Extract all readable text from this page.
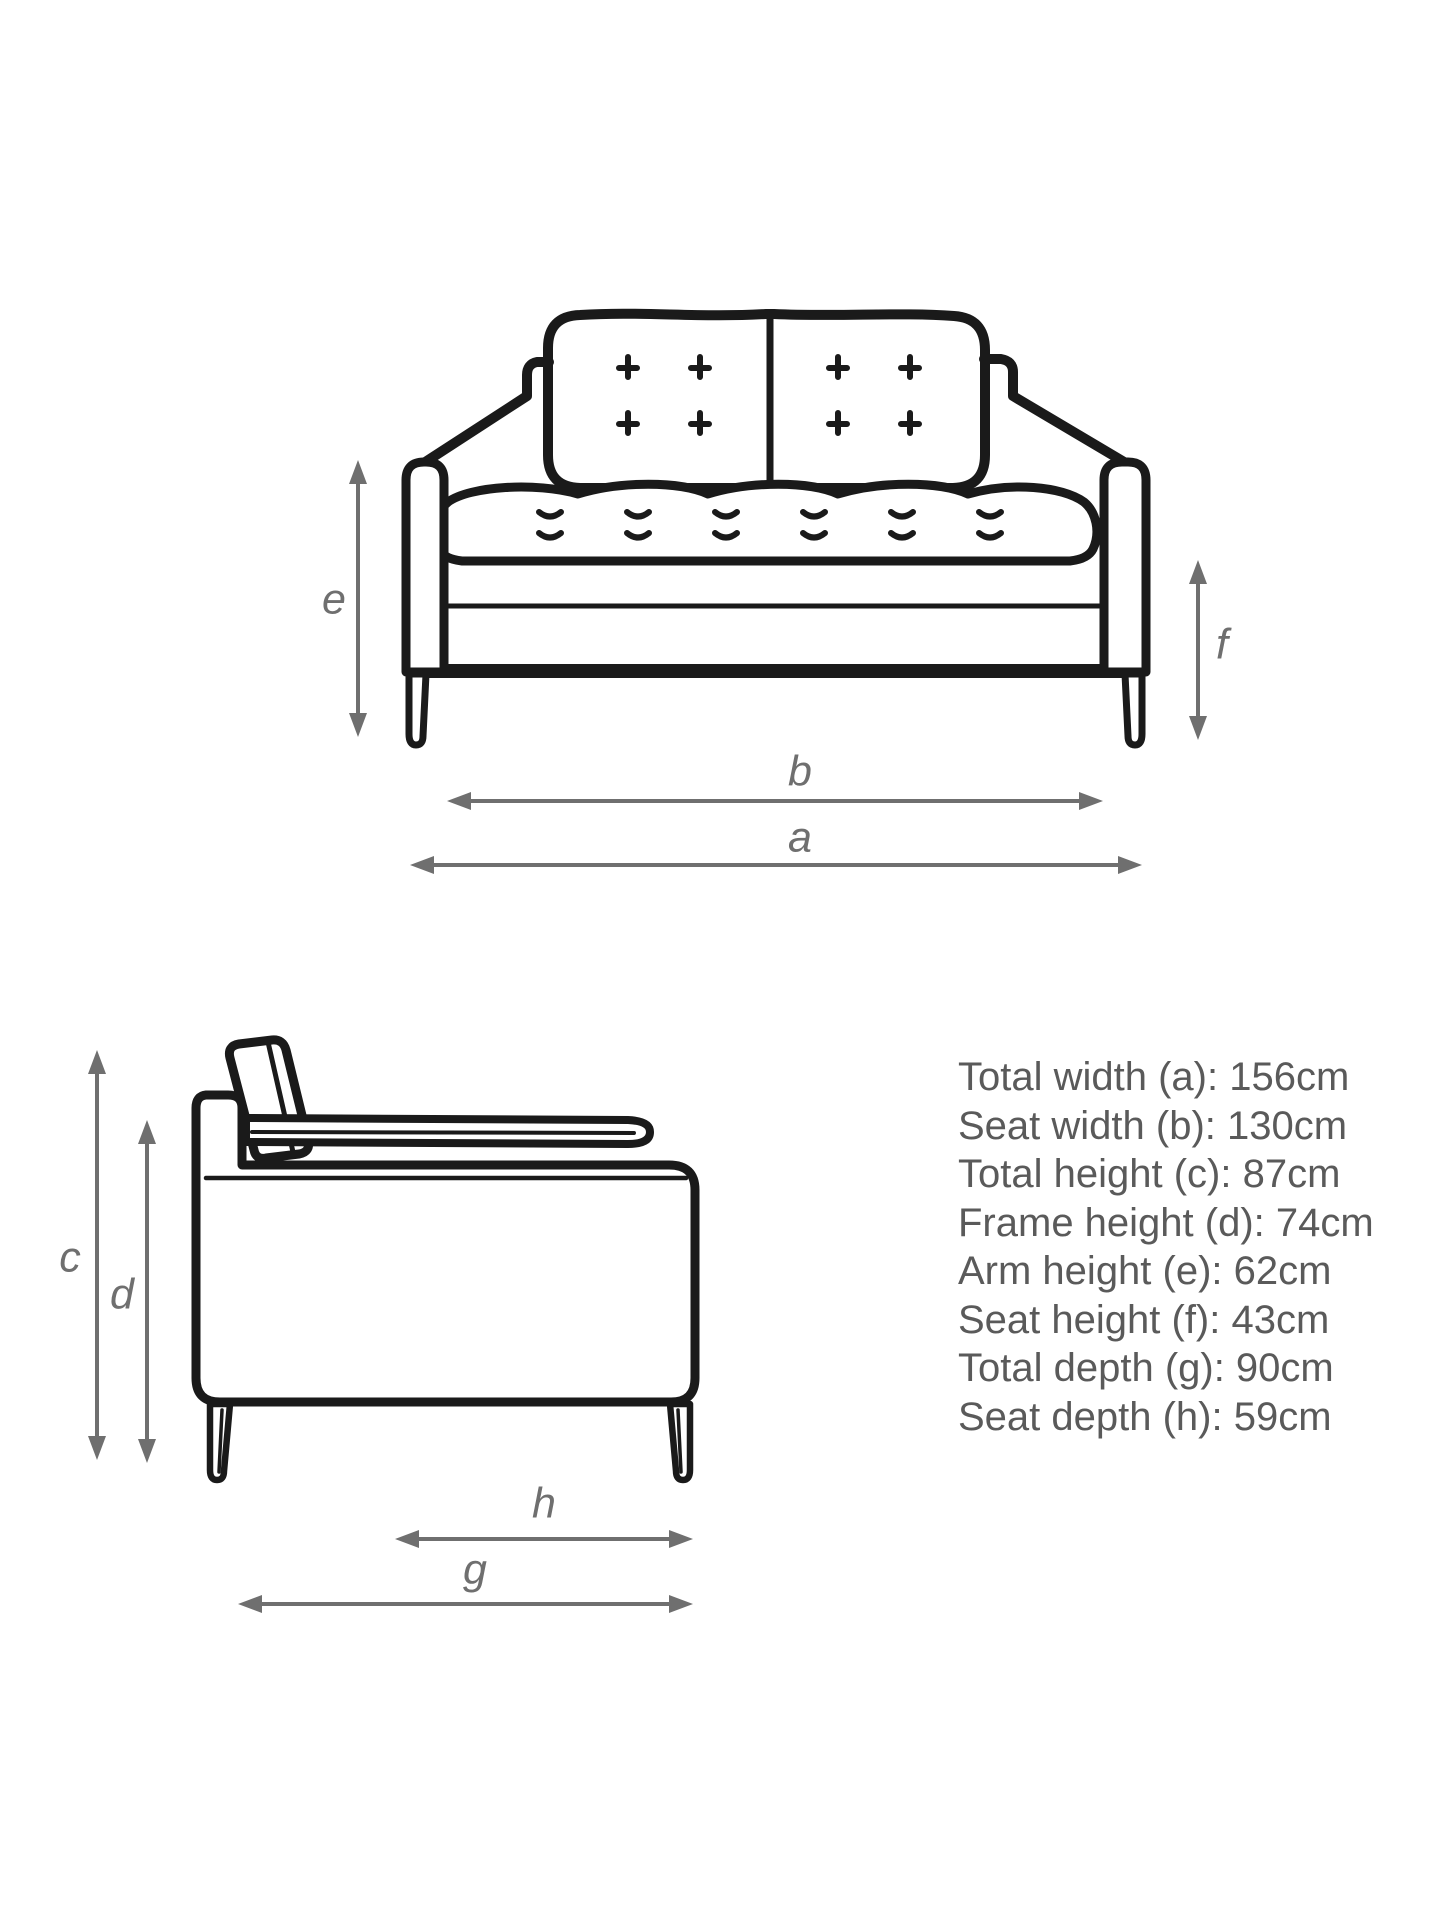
e
f
b
a
c
d
h
g
Total width (a): 156cm
Seat width (b): 130cm
Total height (c): 87cm
Frame height (d): 74cm
Arm height (e): 62cm
Seat height (f): 43cm
Total depth (g): 90cm
Seat depth (h): 59cm
